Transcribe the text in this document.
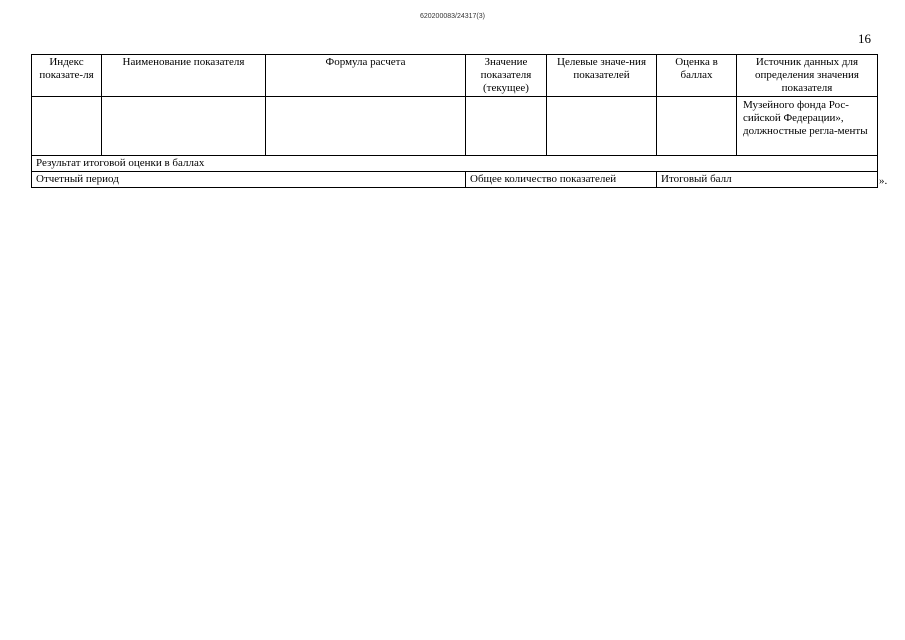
620200083/24317(3)
16
Индекс показате-ля	Наименование показателя	Формула расчета	Значение показателя (текущее)	Целевые значе-ния показателей	Оценка в баллах	Источник данных для определения значения показателя
						Музейного фонда Рос-сийской Федерации», должностные регла-менты
Результат итоговой оценки в баллах						
Отчетный период			Общее количество показателей		Итоговый балл		».
